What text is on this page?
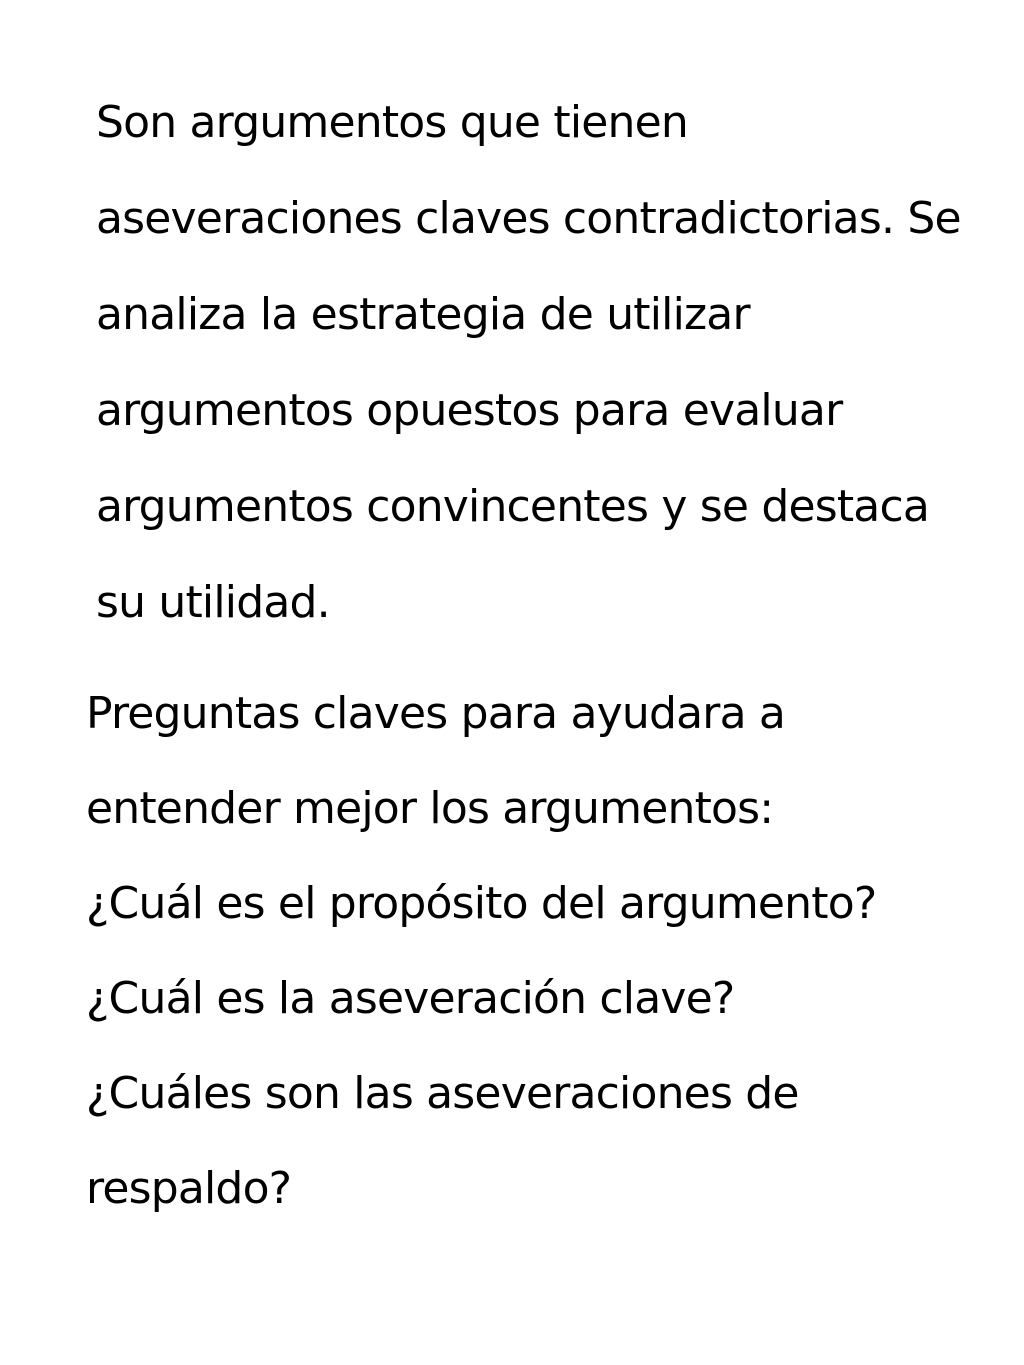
Son argumentos que tienen
aseveraciones claves contradictorias. Se
analiza la estrategia de utilizar
argumentos opuestos para evaluar
argumentos convincentes y se destaca
su utilidad.
Preguntas claves para ayudara a
entender mejor los argumentos:
¿Cuál es el propósito del argumento?
¿Cuál es la aseveración clave?
¿Cuáles son las aseveraciones de
respaldo?
